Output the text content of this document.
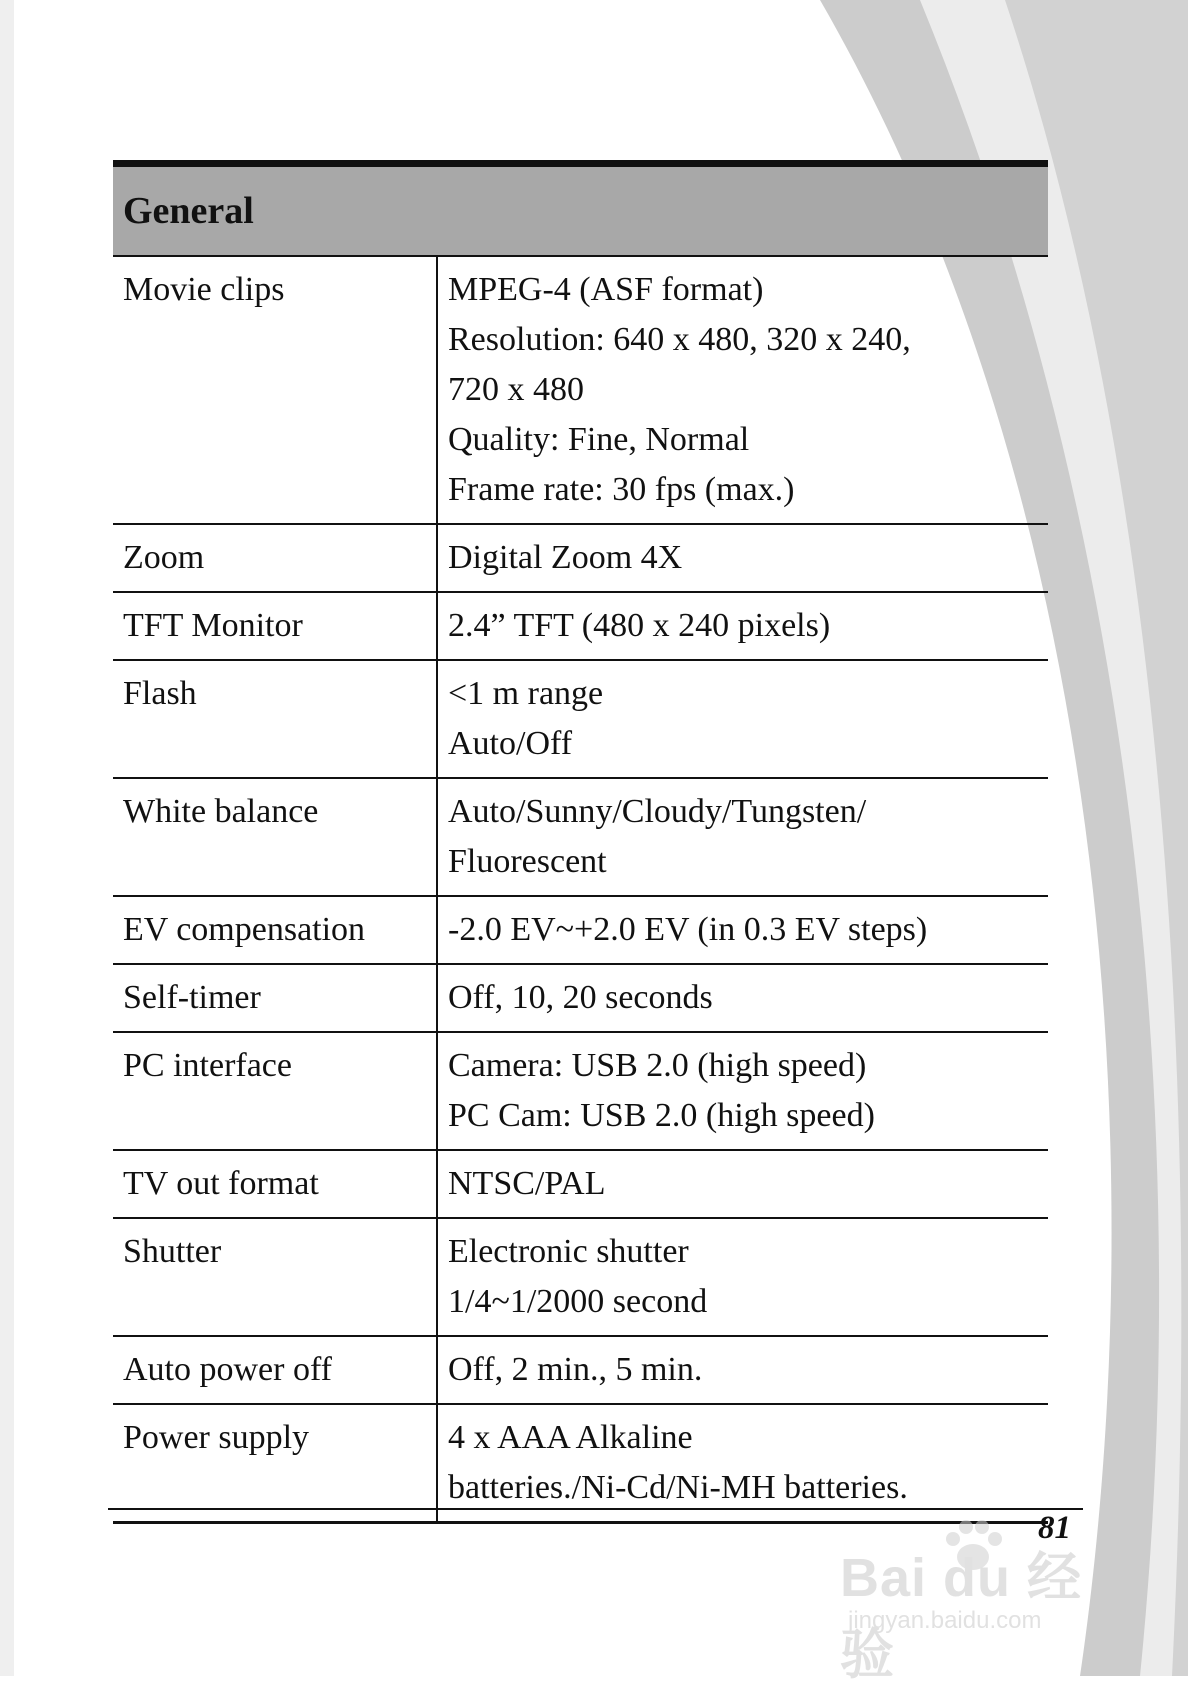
General	
Movie clips	MPEG-4 (ASF format)
Resolution: 640 x 480, 320 x 240,
720 x 480
Quality: Fine, Normal
Frame rate: 30 fps (max.)

Zoom	Digital Zoom 4X

TFT Monitor	2.4” TFT (480 x 240 pixels)

Flash	<1 m range
Auto/Off

White balance	Auto/Sunny/Cloudy/Tungsten/
Fluorescent

EV compensation	-2.0 EV~+2.0 EV (in 0.3 EV steps)

Self-timer	Off, 10, 20 seconds

PC interface	Camera: USB 2.0 (high speed)
PC Cam: USB 2.0 (high speed)

TV out format	NTSC/PAL

Shutter	Electronic shutter
1/4~1/2000 second

Auto power off	Off, 2 min., 5 min.

Power supply	4 x AAA Alkaline
batteries./Ni-Cd/Ni-MH batteries.
81
Bai du 经验
jingyan.baidu.com
